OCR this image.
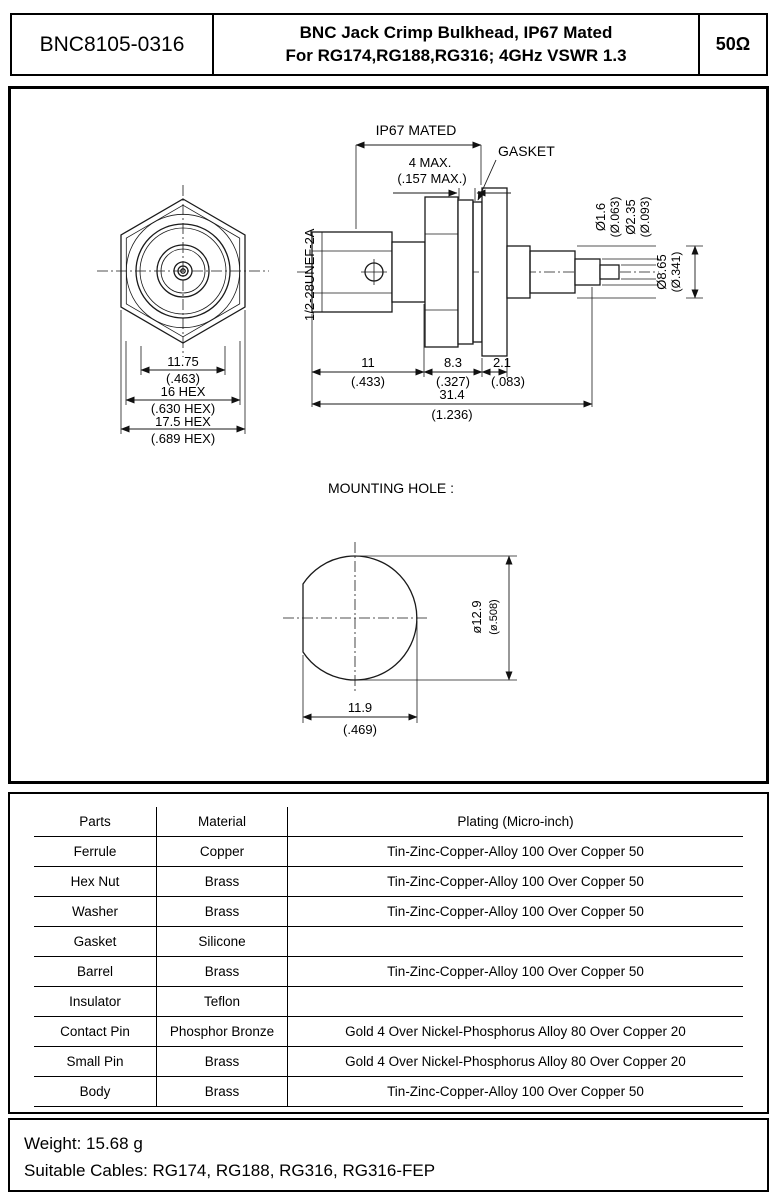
BNC8105-0316
BNC Jack Crimp Bulkhead, IP67 Mated
For RG174,RG188,RG316; 4GHz VSWR 1.3
50Ω
11.75
(.463)
16 HEX
(.630 HEX)
17.5 HEX
(.689 HEX)
IP67 MATED
4 MAX.
(.157 MAX.)
GASKET
1/2-28UNEF-2A
Ø1.6 (Ø.063) Ø2.35 (Ø.093)
Ø8.65 (Ø.341)
11
(.433)
8.3
(.327)
2.1
(.083)
31.4
(1.236)
MOUNTING HOLE :
ø12.9 (ø.508)
11.9
(.469)
Parts	Material	Plating (Micro-inch)
Ferrule	Copper	Tin-Zinc-Copper-Alloy 100 Over Copper 50
Hex Nut	Brass	Tin-Zinc-Copper-Alloy 100 Over Copper 50
Washer	Brass	Tin-Zinc-Copper-Alloy 100 Over Copper 50
Gasket	Silicone
Barrel	Brass	Tin-Zinc-Copper-Alloy 100 Over Copper 50
Insulator	Teflon
Contact Pin	Phosphor Bronze	Gold 4 Over Nickel-Phosphorus Alloy 80 Over Copper 20
Small Pin	Brass	Gold 4 Over Nickel-Phosphorus Alloy 80 Over Copper 20
Body	Brass	Tin-Zinc-Copper-Alloy 100 Over Copper 50
Weight: 15.68 g
Suitable Cables: RG174, RG188, RG316, RG316-FEP
